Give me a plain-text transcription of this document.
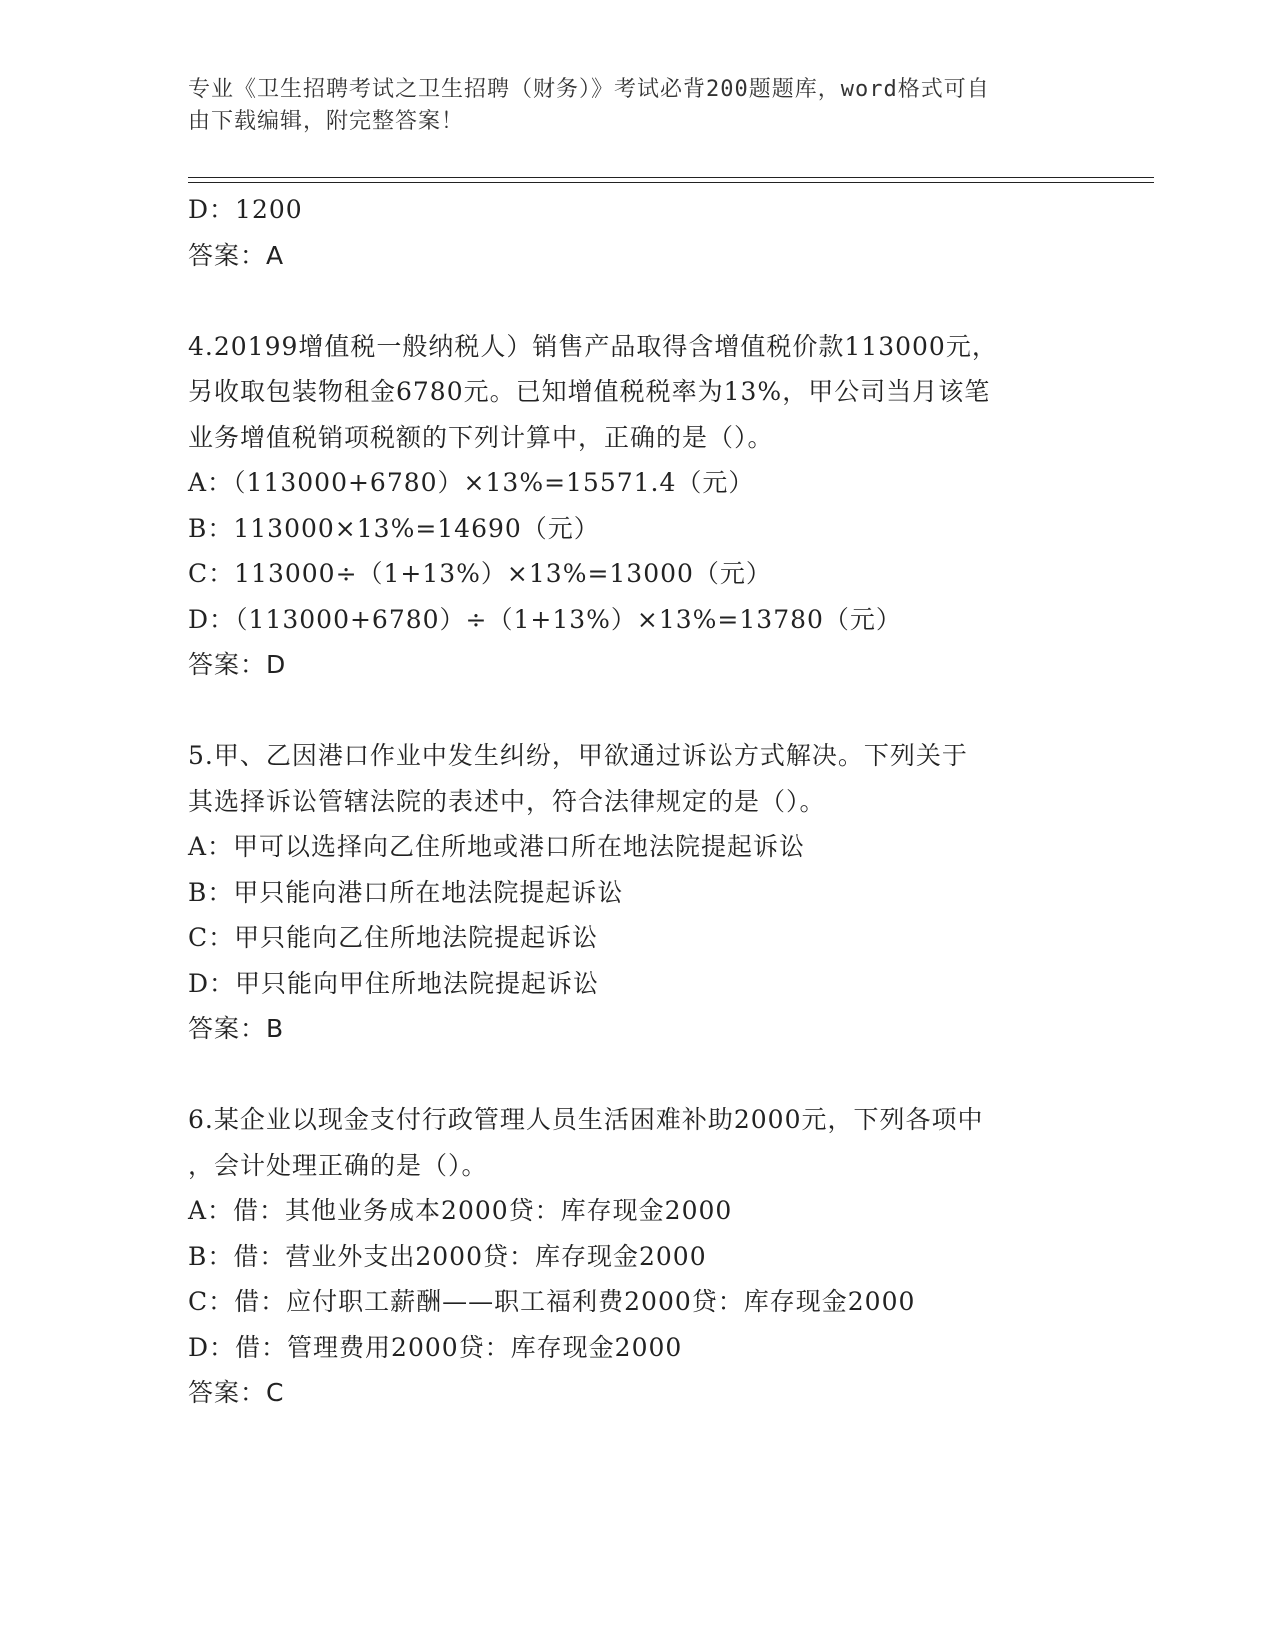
专业《卫生招聘考试之卫生招聘（财务）》考试必背200题题库，word格式可自
由下载编辑，附完整答案！
D：1200
答案：A
4.20199增值税一般纳税人）销售产品取得含增值税价款113000元，
另收取包装物租金6780元。已知增值税税率为13%，甲公司当月该笔
业务增值税销项税额的下列计算中，正确的是（）。
A：（113000+6780）×13%=15571.4（元）
B：113000×13%=14690（元）
C：113000÷（1+13%）×13%=13000（元）
D：（113000+6780）÷（1+13%）×13%=13780（元）
答案：D
5.甲、乙因港口作业中发生纠纷，甲欲通过诉讼方式解决。下列关于
其选择诉讼管辖法院的表述中，符合法律规定的是（）。
A：甲可以选择向乙住所地或港口所在地法院提起诉讼
B：甲只能向港口所在地法院提起诉讼
C：甲只能向乙住所地法院提起诉讼
D：甲只能向甲住所地法院提起诉讼
答案：B
6.某企业以现金支付行政管理人员生活困难补助2000元，下列各项中
，会计处理正确的是（）。
A：借：其他业务成本2000贷：库存现金2000
B：借：营业外支出2000贷：库存现金2000
C：借：应付职工薪酬——职工福利费2000贷：库存现金2000
D：借：管理费用2000贷：库存现金2000
答案：C
